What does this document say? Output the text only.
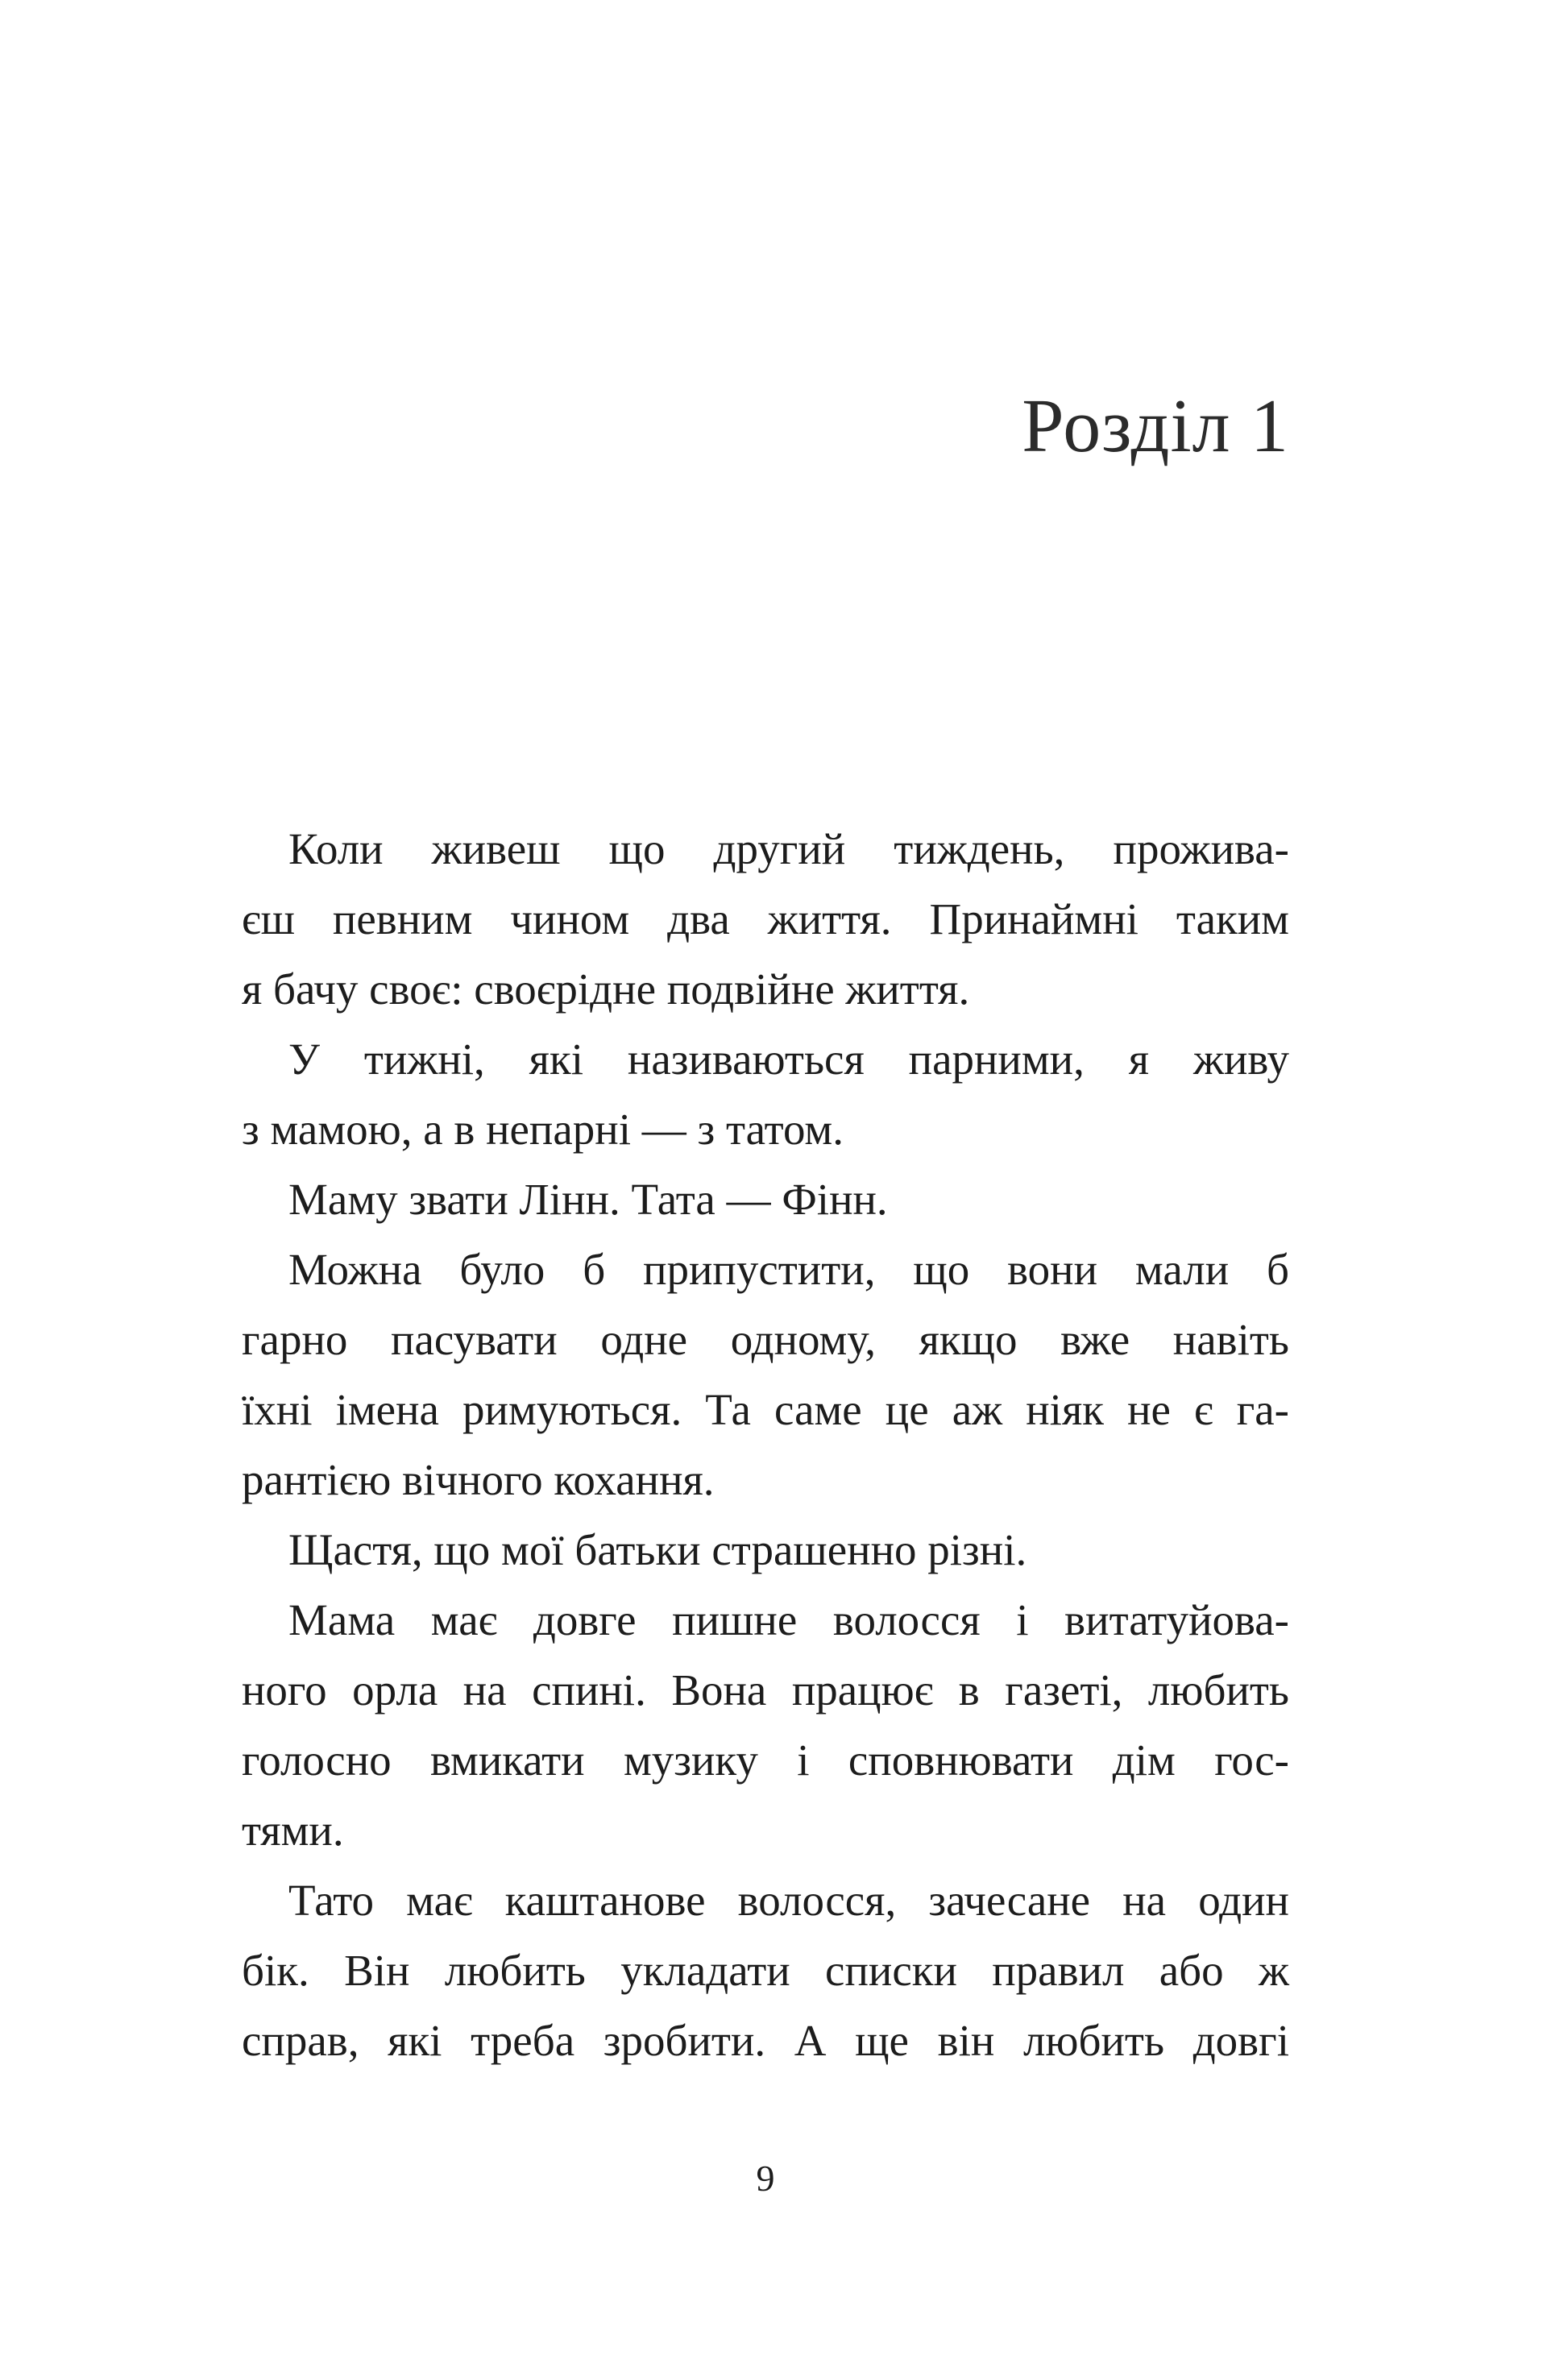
Розділ 1
Коли живеш що другий тиждень, прожива-
єш певним чином два життя. Принаймні таким
я бачу своє: своєрідне подвійне життя.
У тижні, які називаються парними, я живу
з мамою, а в непарні — з татом.
Маму звати Лінн. Тата — Фінн.
Можна було б припустити, що вони мали б
гарно пасувати одне одному, якщо вже навіть
їхні імена римуються. Та саме це аж ніяк не є га-
рантією вічного кохання.
Щастя, що мої батьки страшенно різні.
Мама має довге пишне волосся і витатуйова-
ного орла на спині. Вона працює в газеті, любить
голосно вмикати музику і сповнювати дім гос-
тями.
Тато має каштанове волосся, зачесане на один
бік. Він любить укладати списки правил або ж
справ, які треба зробити. А ще він любить довгі
9
